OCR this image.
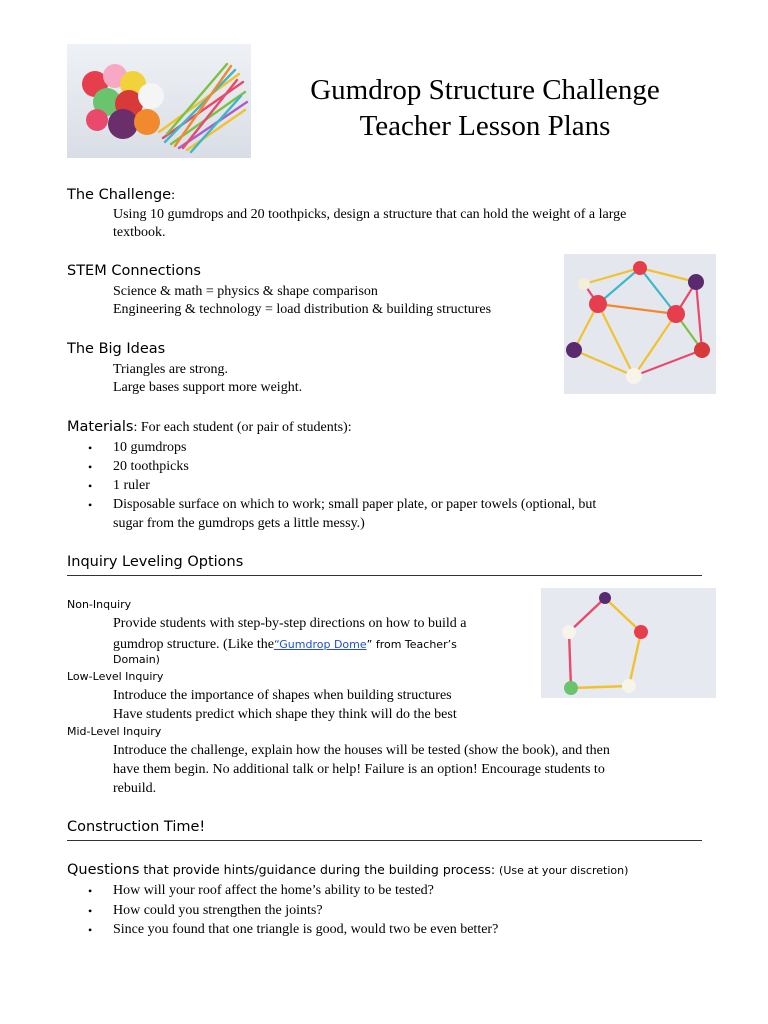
Gumdrop Structure Challenge
Teacher Lesson Plans
The Challenge:
Using 10 gumdrops and 20 toothpicks, design a structure that can hold the weight of a large
textbook.
STEM Connections
Science & math = physics & shape comparison
Engineering & technology = load distribution & building structures
The Big Ideas
Triangles are strong.
Large bases support more weight.
Materials: For each student (or pair of students):
• 10 gumdrops
• 20 toothpicks
• 1 ruler
• Disposable surface on which to work; small paper plate, or paper towels (optional, but
sugar from the gumdrops gets a little messy.)
Inquiry Leveling Options
Non-Inquiry
Provide students with step-by-step directions on how to build a
gumdrop structure. (Like the“Gumdrop Dome” from Teacher’s
Domain)
Low-Level Inquiry
Introduce the importance of shapes when building structures
Have students predict which shape they think will do the best
Mid-Level Inquiry
Introduce the challenge, explain how the houses will be tested (show the book), and then
have them begin. No additional talk or help! Failure is an option! Encourage students to
rebuild.
Construction Time!
Questions that provide hints/guidance during the building process: (Use at your discretion)
• How will your roof affect the home’s ability to be tested?
• How could you strengthen the joints?
• Since you found that one triangle is good, would two be even better?
